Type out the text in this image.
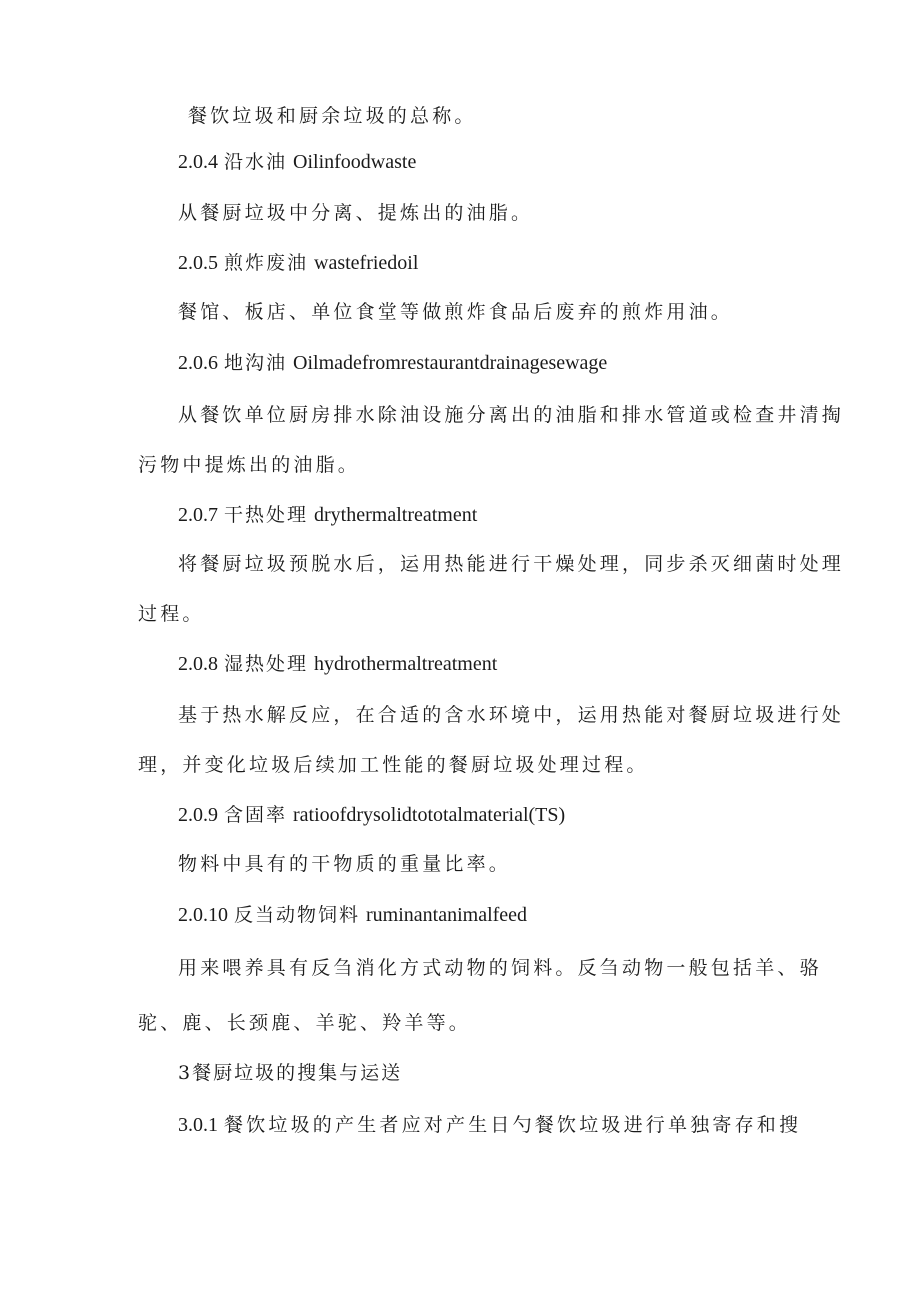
餐饮垃圾和厨余垃圾的总称。

2.0.4 沿水油 Oilinfoodwaste

从餐厨垃圾中分离、提炼出的油脂。

2.0.5 煎炸废油 wastefriedoil

餐馆、板店、单位食堂等做煎炸食品后废弃的煎炸用油。

2.0.6 地沟油 Oilmadefromrestaurantdrainagesewage

从餐饮单位厨房排水除油设施分离出的油脂和排水管道或检查井清掏

污物中提炼出的油脂。

2.0.7 干热处理 drythermaltreatment

将餐厨垃圾预脱水后，运用热能进行干燥处理，同步杀灭细菌时处理

过程。

2.0.8 湿热处理 hydrothermaltreatment

基于热水解反应，在合适的含水环境中，运用热能对餐厨垃圾进行处

理，并变化垃圾后续加工性能的餐厨垃圾处理过程。

2.0.9 含固率 ratioofdrysolidtototalmaterial(TS)

物料中具有的干物质的重量比率。

2.0.10 反当动物饲料 ruminantanimalfeed

用来喂养具有反刍消化方式动物的饲料。反刍动物一般包括羊、骆

驼、鹿、长颈鹿、羊驼、羚羊等。

3餐厨垃圾的搜集与运送

3.0.1 餐饮垃圾的产生者应对产生日勺餐饮垃圾进行单独寄存和搜
